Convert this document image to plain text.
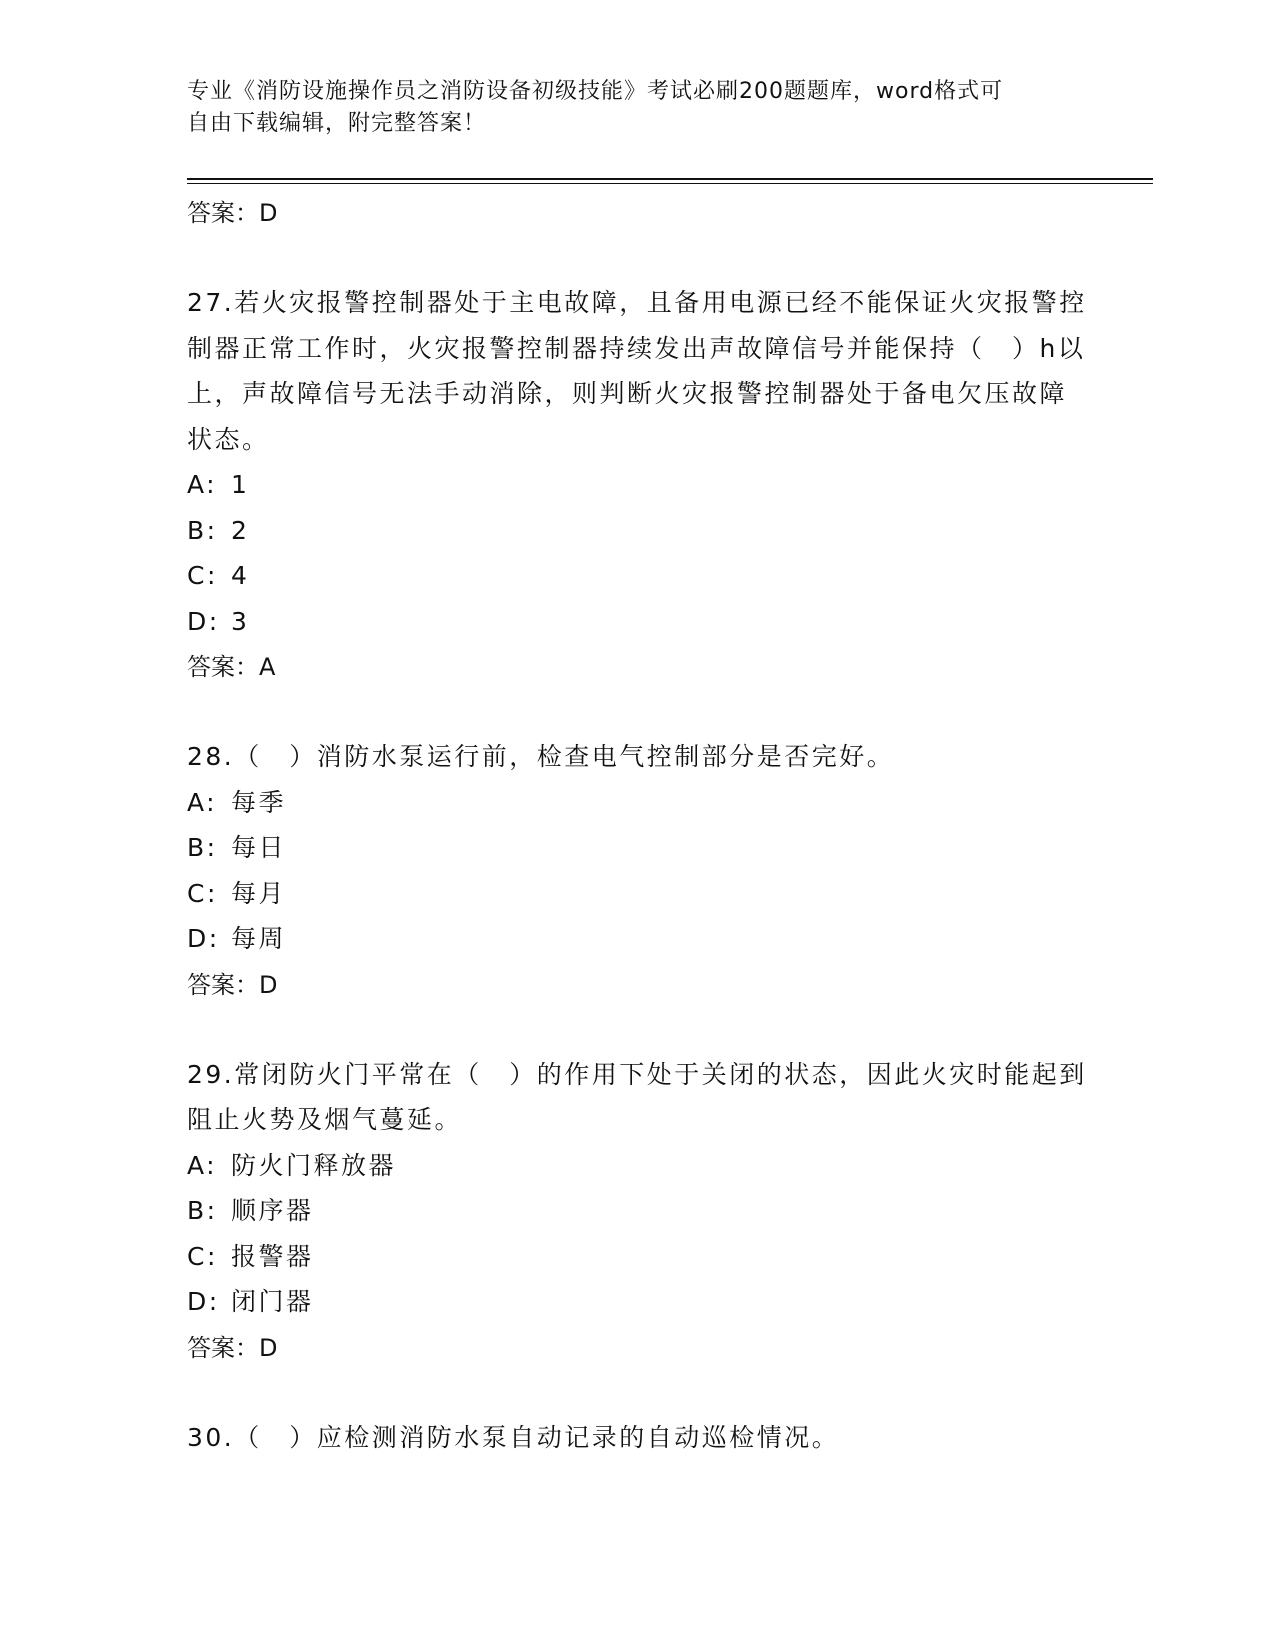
专业《消防设施操作员之消防设备初级技能》考试必刷200题题库，word格式可
自由下载编辑，附完整答案！
答案：D
27.若火灾报警控制器处于主电故障，且备用电源已经不能保证火灾报警控制器正常工作时，火灾报警控制器持续发出声故障信号并能保持（　）h以上，声故障信号无法手动消除，则判断火灾报警控制器处于备电欠压故障状态。
A: 1
B: 2
C: 4
D: 3
答案：A
28.（　）消防水泵运行前，检查电气控制部分是否完好。
A: 每季
B: 每日
C: 每月
D: 每周
答案：D
29.常闭防火门平常在（　）的作用下处于关闭的状态，因此火灾时能起到阻止火势及烟气蔓延。
A: 防火门释放器
B: 顺序器
C: 报警器
D: 闭门器
答案：D
30.（　）应检测消防水泵自动记录的自动巡检情况。
